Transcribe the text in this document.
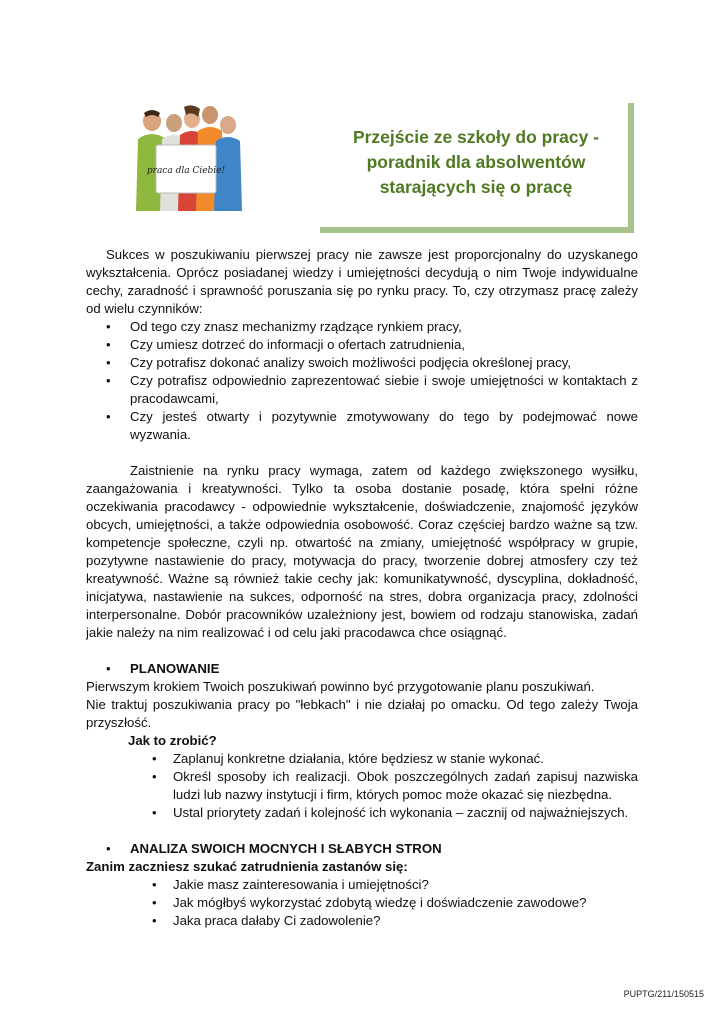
praca dla Ciebie!
Przejście ze szkoły do pracy -
poradnik dla absolwentów
starających się o pracę

Sukces w poszukiwaniu pierwszej pracy nie zawsze jest proporcjonalny do uzyskanego wykształcenia. Oprócz posiadanej wiedzy i umiejętności decydują o nim Twoje indywidualne cechy, zaradność i sprawność poruszania się po rynku pracy. To, czy otrzymasz pracę zależy od wielu czynników:

• Od tego czy znasz mechanizmy rządzące rynkiem pracy,
• Czy umiesz dotrzeć do informacji o ofertach zatrudnienia,
• Czy potrafisz dokonać analizy swoich możliwości podjęcia określonej pracy,
• Czy potrafisz odpowiednio zaprezentować siebie i swoje umiejętności w kontaktach z pracodawcami,
• Czy jesteś otwarty i pozytywnie zmotywowany do tego by podejmować nowe wyzwania.

Zaistnienie na rynku pracy wymaga, zatem od każdego zwiększonego wysiłku, zaangażowania i kreatywności. Tylko ta osoba dostanie posadę, która spełni różne oczekiwania pracodawcy - odpowiednie wykształcenie, doświadczenie, znajomość języków obcych, umiejętności, a także odpowiednia osobowość. Coraz częściej bardzo ważne są tzw. kompetencje społeczne, czyli np. otwartość na zmiany, umiejętność współpracy w grupie, pozytywne nastawienie do pracy, motywacja do pracy, tworzenie dobrej atmosfery czy też kreatywność. Ważne są również takie cechy jak: komunikatywność, dyscyplina, dokładność, inicjatywa, nastawienie na sukces, odporność na stres, dobra organizacja pracy, zdolności interpersonalne. Dobór pracowników uzależniony jest, bowiem od rodzaju stanowiska, zadań jakie należy na nim realizować i od celu jaki pracodawca chce osiągnąć.

• PLANOWANIE

Pierwszym krokiem Twoich poszukiwań powinno być przygotowanie planu poszukiwań.

Nie traktuj poszukiwania pracy po "łebkach" i nie działaj po omacku. Od tego zależy Twoja przyszłość.

Jak to zrobić?

• Zaplanuj konkretne działania, które będziesz w stanie wykonać.
• Określ sposoby ich realizacji. Obok poszczególnych zadań zapisuj nazwiska ludzi lub nazwy instytucji i firm, których pomoc może okazać się niezbędna.
• Ustal priorytety zadań i kolejność ich wykonania – zacznij od najważniejszych.
• ANALIZA SWOICH MOCNYCH I SŁABYCH STRON

Zanim zaczniesz szukać zatrudnienia zastanów się:

• Jakie masz zainteresowania i umiejętności?
• Jak mógłbyś wykorzystać zdobytą wiedzę i doświadczenie zawodowe?
• Jaka praca dałaby Ci zadowolenie?
PUPTG/211/150515
